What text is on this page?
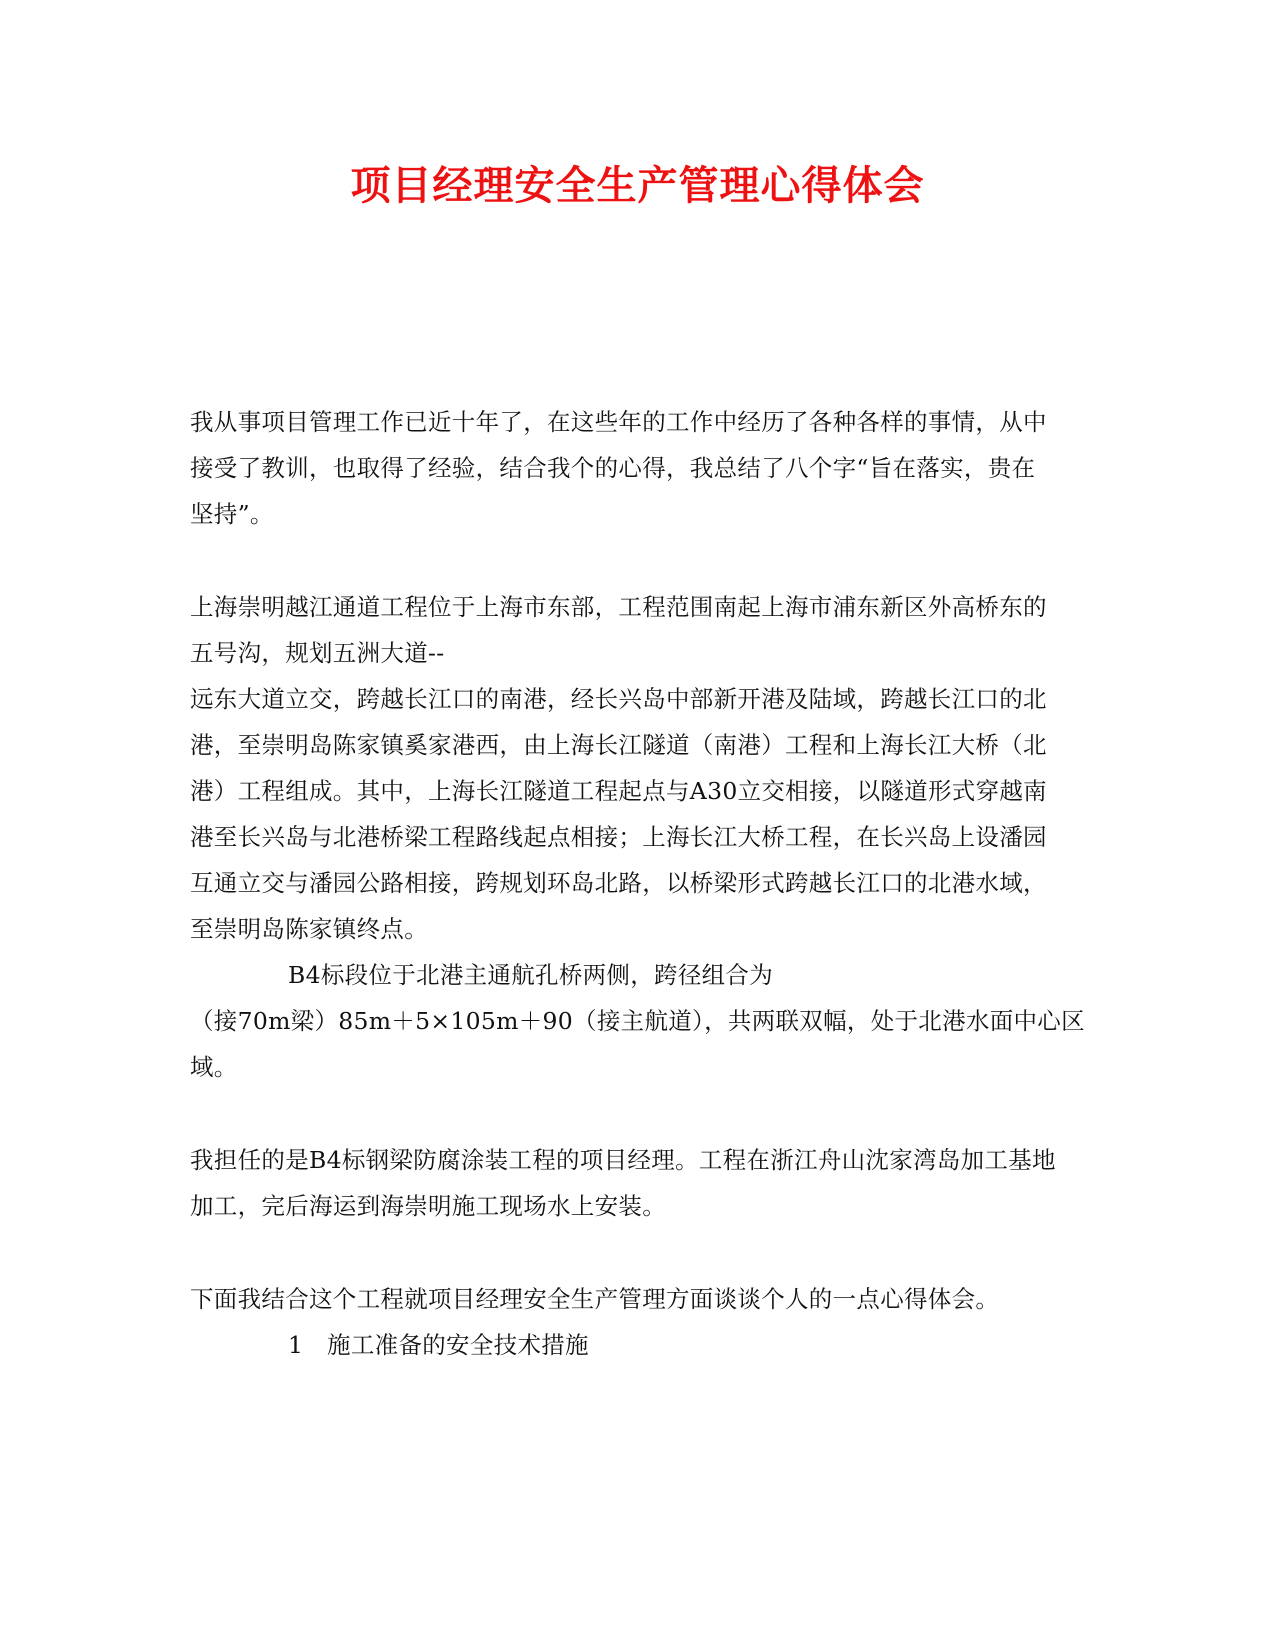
项目经理安全生产管理心得体会
我从事项目管理工作已近十年了，在这些年的工作中经历了各种各样的事情，从中
接受了教训，也取得了经验，结合我个的心得，我总结了八个字“旨在落实，贵在
坚持”。
上海崇明越江通道工程位于上海市东部，工程范围南起上海市浦东新区外高桥东的
五号沟，规划五洲大道--
远东大道立交，跨越长江口的南港，经长兴岛中部新开港及陆域，跨越长江口的北
港，至崇明岛陈家镇奚家港西，由上海长江隧道（南港）工程和上海长江大桥（北
港）工程组成。其中，上海长江隧道工程起点与A30立交相接，以隧道形式穿越南
港至长兴岛与北港桥梁工程路线起点相接；上海长江大桥工程，在长兴岛上设潘园
互通立交与潘园公路相接，跨规划环岛北路，以桥梁形式跨越长江口的北港水域，
至崇明岛陈家镇终点。
B4标段位于北港主通航孔桥两侧，跨径组合为
（接70m梁）85m＋5×105m＋90（接主航道），共两联双幅，处于北港水面中心区
域。
我担任的是B4标钢梁防腐涂装工程的项目经理。工程在浙江舟山沈家湾岛加工基地
加工，完后海运到海崇明施工现场水上安装。
下面我结合这个工程就项目经理安全生产管理方面谈谈个人的一点心得体会。
1　施工准备的安全技术措施
